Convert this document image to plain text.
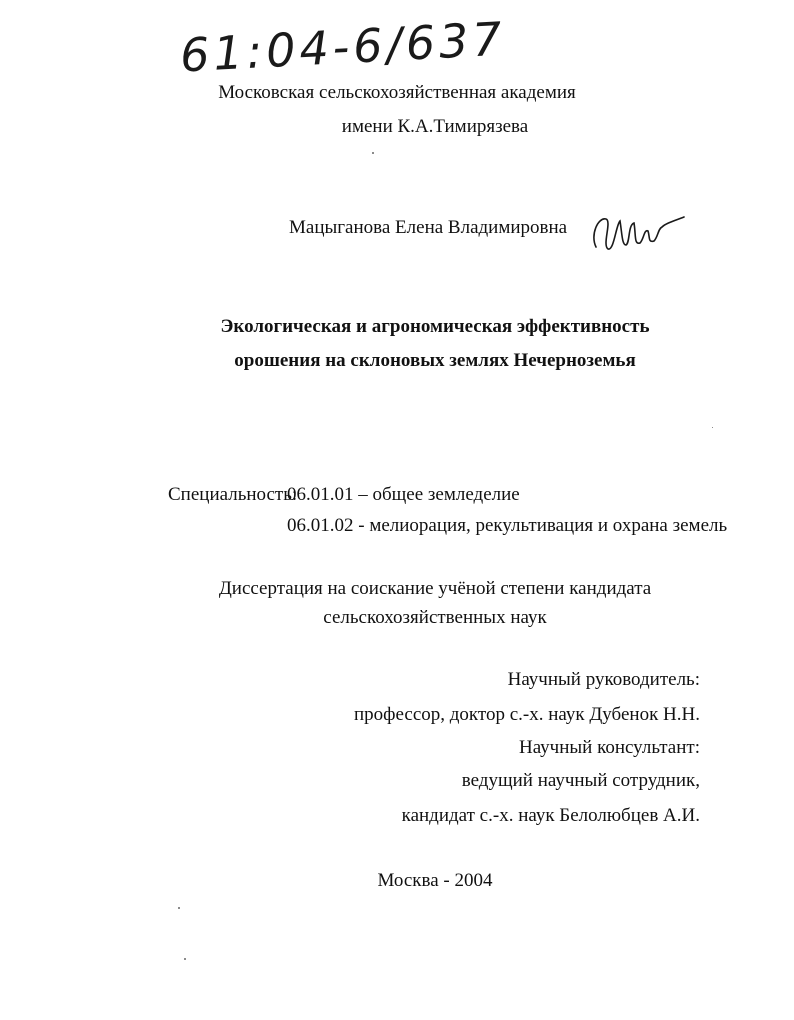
61:04-6/637
Московская сельскохозяйственная академия
имени К.А.Тимирязева
Мацыганова Елена Владимировна
Экологическая и агрономическая эффективность
орошения на склоновых землях Нечерноземья
Специальность:
06.01.01 – общее земледелие
06.01.02 - мелиорация, рекультивация и охрана земель
Диссертация на соискание учёной степени кандидата
сельскохозяйственных наук
Научный руководитель:
профессор, доктор с.-х. наук Дубенок Н.Н.
Научный консультант:
ведущий научный сотрудник,
кандидат с.-х. наук Белолюбцев А.И.
Москва - 2004
